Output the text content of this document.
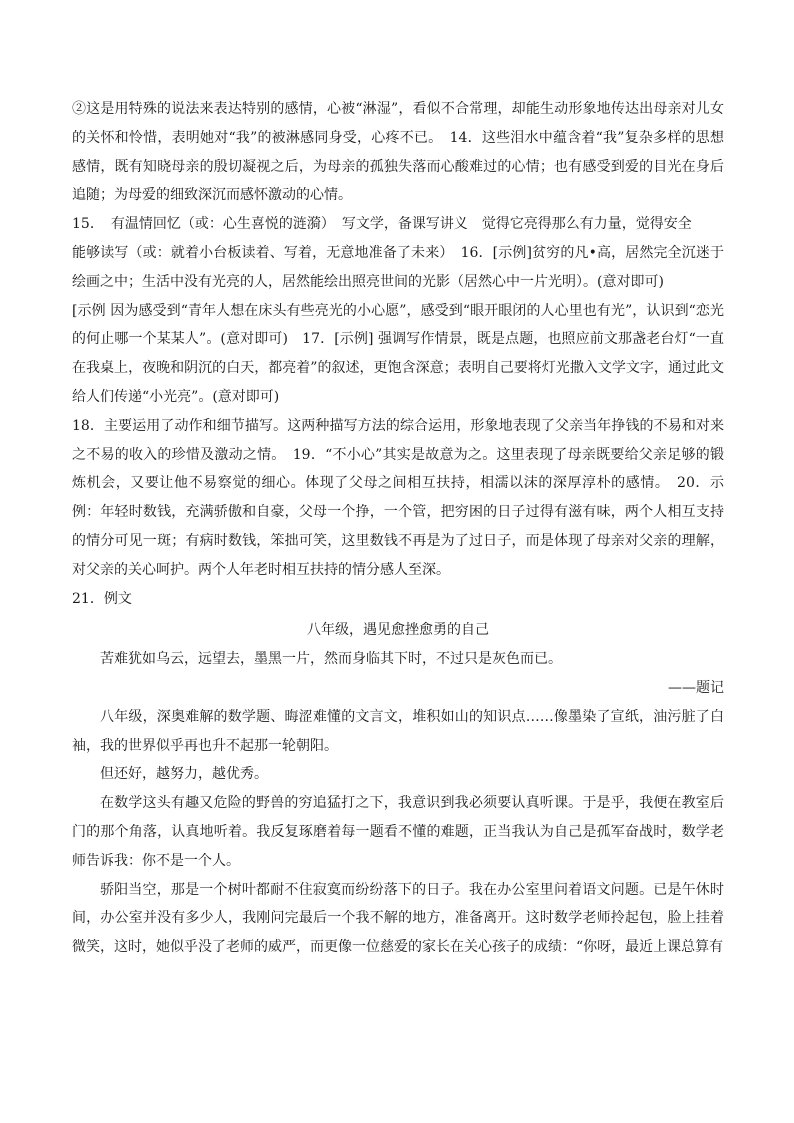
②这是用特殊的说法来表达特别的感情，心被“淋湿”，看似不合常理，却能生动形象地传达出母亲对儿女的关怀和怜惜，表明她对“我”的被淋感同身受，心疼不已。　14．这些泪水中蕴含着“我”复杂多样的思想感情，既有知晓母亲的殷切凝视之后，为母亲的孤独失落而心酸难过的心情；也有感受到爱的目光在身后追随；为母爱的细致深沉而感怀激动的心情。

15．　有温情回忆（或：心生喜悦的涟漪）　写文学，备课写讲义　觉得它亮得那么有力量，觉得安全

能够读写（或：就着小台板读着、写着，无意地准备了未来）　16．[示例]贫穷的凡•高，居然完全沉迷于绘画之中；生活中没有光亮的人，居然能绘出照亮世间的光影（居然心中一片光明）。(意对即可)

[示例 因为感受到“青年人想在床头有些亮光的小心愿”，感受到“眼开眼闭的人心里也有光”，认识到“恋光的何止哪一个某某人”。(意对即可)　17．[示例] 强调写作情景，既是点题，也照应前文那盏老台灯“一直在我桌上，夜晚和阴沉的白天，都亮着”的叙述，更饱含深意；表明自己要将灯光撒入文学文字，通过此文给人们传递“小光亮”。(意对即可)

18．主要运用了动作和细节描写。这两种描写方法的综合运用，形象地表现了父亲当年挣钱的不易和对来之不易的收入的珍惜及激动之情。　19．“不小心”其实是故意为之。这里表现了母亲既要给父亲足够的锻炼机会，又要让他不易察觉的细心。体现了父母之间相互扶持，相濡以沫的深厚淳朴的感情。　20．示例：年轻时数钱，充满骄傲和自豪，父母一个挣，一个管，把穷困的日子过得有滋有味，两个人相互支持的情分可见一斑；有病时数钱，笨拙可笑，这里数钱不再是为了过日子，而是体现了母亲对父亲的理解，对父亲的关心呵护。两个人年老时相互扶持的情分感人至深。

21．例文

八年级，遇见愈挫愈勇的自己

苦难犹如乌云，远望去，墨黑一片，然而身临其下时，不过只是灰色而已。

——题记

八年级，深奥难解的数学题、晦涩难懂的文言文，堆积如山的知识点……像墨染了宣纸，油污脏了白袖，我的世界似乎再也升不起那一轮朝阳。

但还好，越努力，越优秀。

在数学这头有趣又危险的野兽的穷追猛打之下，我意识到我必须要认真听课。于是乎，我便在教室后门的那个角落，认真地听着。我反复琢磨着每一题看不懂的难题，正当我认为自己是孤军奋战时，数学老师告诉我：你不是一个人。

骄阳当空，那是一个树叶都耐不住寂寞而纷纷落下的日子。我在办公室里问着语文问题。已是午休时间，办公室并没有多少人，我刚问完最后一个我不解的地方，准备离开。这时数学老师拎起包，脸上挂着微笑，这时，她似乎没了老师的威严，而更像一位慈爱的家长在关心孩子的成绩：“你呀，最近上课总算有
